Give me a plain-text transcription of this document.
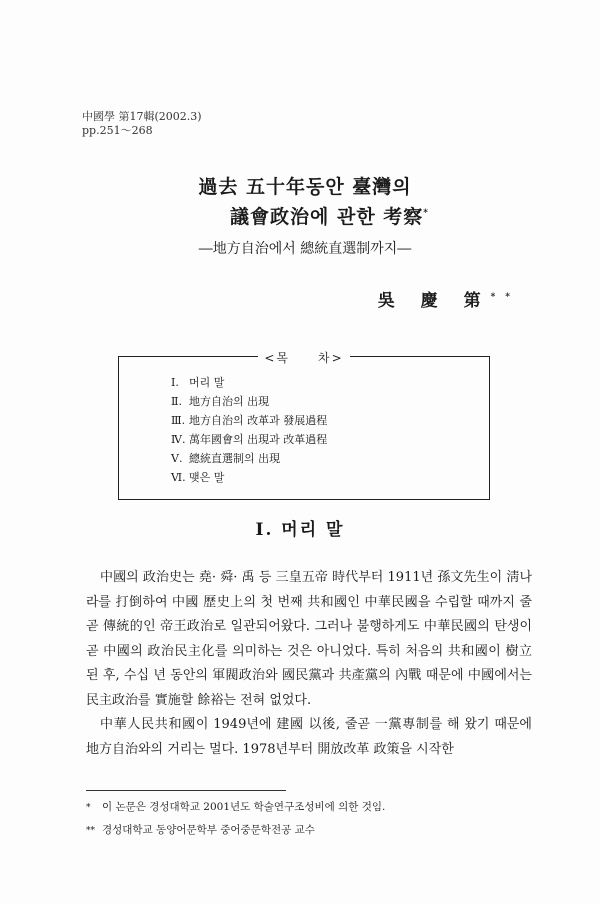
中國學 第17輯(2002.3)
pp.251～268
過去 五十年동안 臺灣의
議會政治에 관한 考察*
―地方自治에서 總統直選制까지―
吳 慶 第**
<목　　차>
Ⅰ. 머리 말
Ⅱ. 地方自治의 出現
Ⅲ. 地方自治의 改革과 發展過程
Ⅳ. 萬年國會의 出現과 改革過程
Ⅴ. 總統直選制의 出現
Ⅵ. 맺은 말
Ⅰ. 머리 말

中國의 政治史는 堯· 舜· 禹 등 三皇五帝 時代부터 1911년 孫文先生이 淸나라를 打倒하여 中國 歷史上의 첫 번째 共和國인 中華民國을 수립할 때까지 줄곧 傳統的인 帝王政治로 일관되어왔다. 그러나 불행하게도 中華民國의 탄생이 곧 中國의 政治民主化를 의미하는 것은 아니었다. 특히 처음의 共和國이 樹立된 후, 수십 년 동안의 軍閥政治와 國民黨과 共產黨의 內戰 때문에 中國에서는 民主政治를 實施할 餘裕는 전혀 없었다.

中華人民共和國이 1949년에 建國 以後, 줄곧 一黨專制를 해 왔기 때문에 地方自治와의 거리는 멀다. 1978년부터 開放改革 政策을 시작한

* 이 논문은 경성대학교 2001년도 학술연구조성비에 의한 것임.
** 경성대학교 동양어문학부 중어중문학전공 교수
